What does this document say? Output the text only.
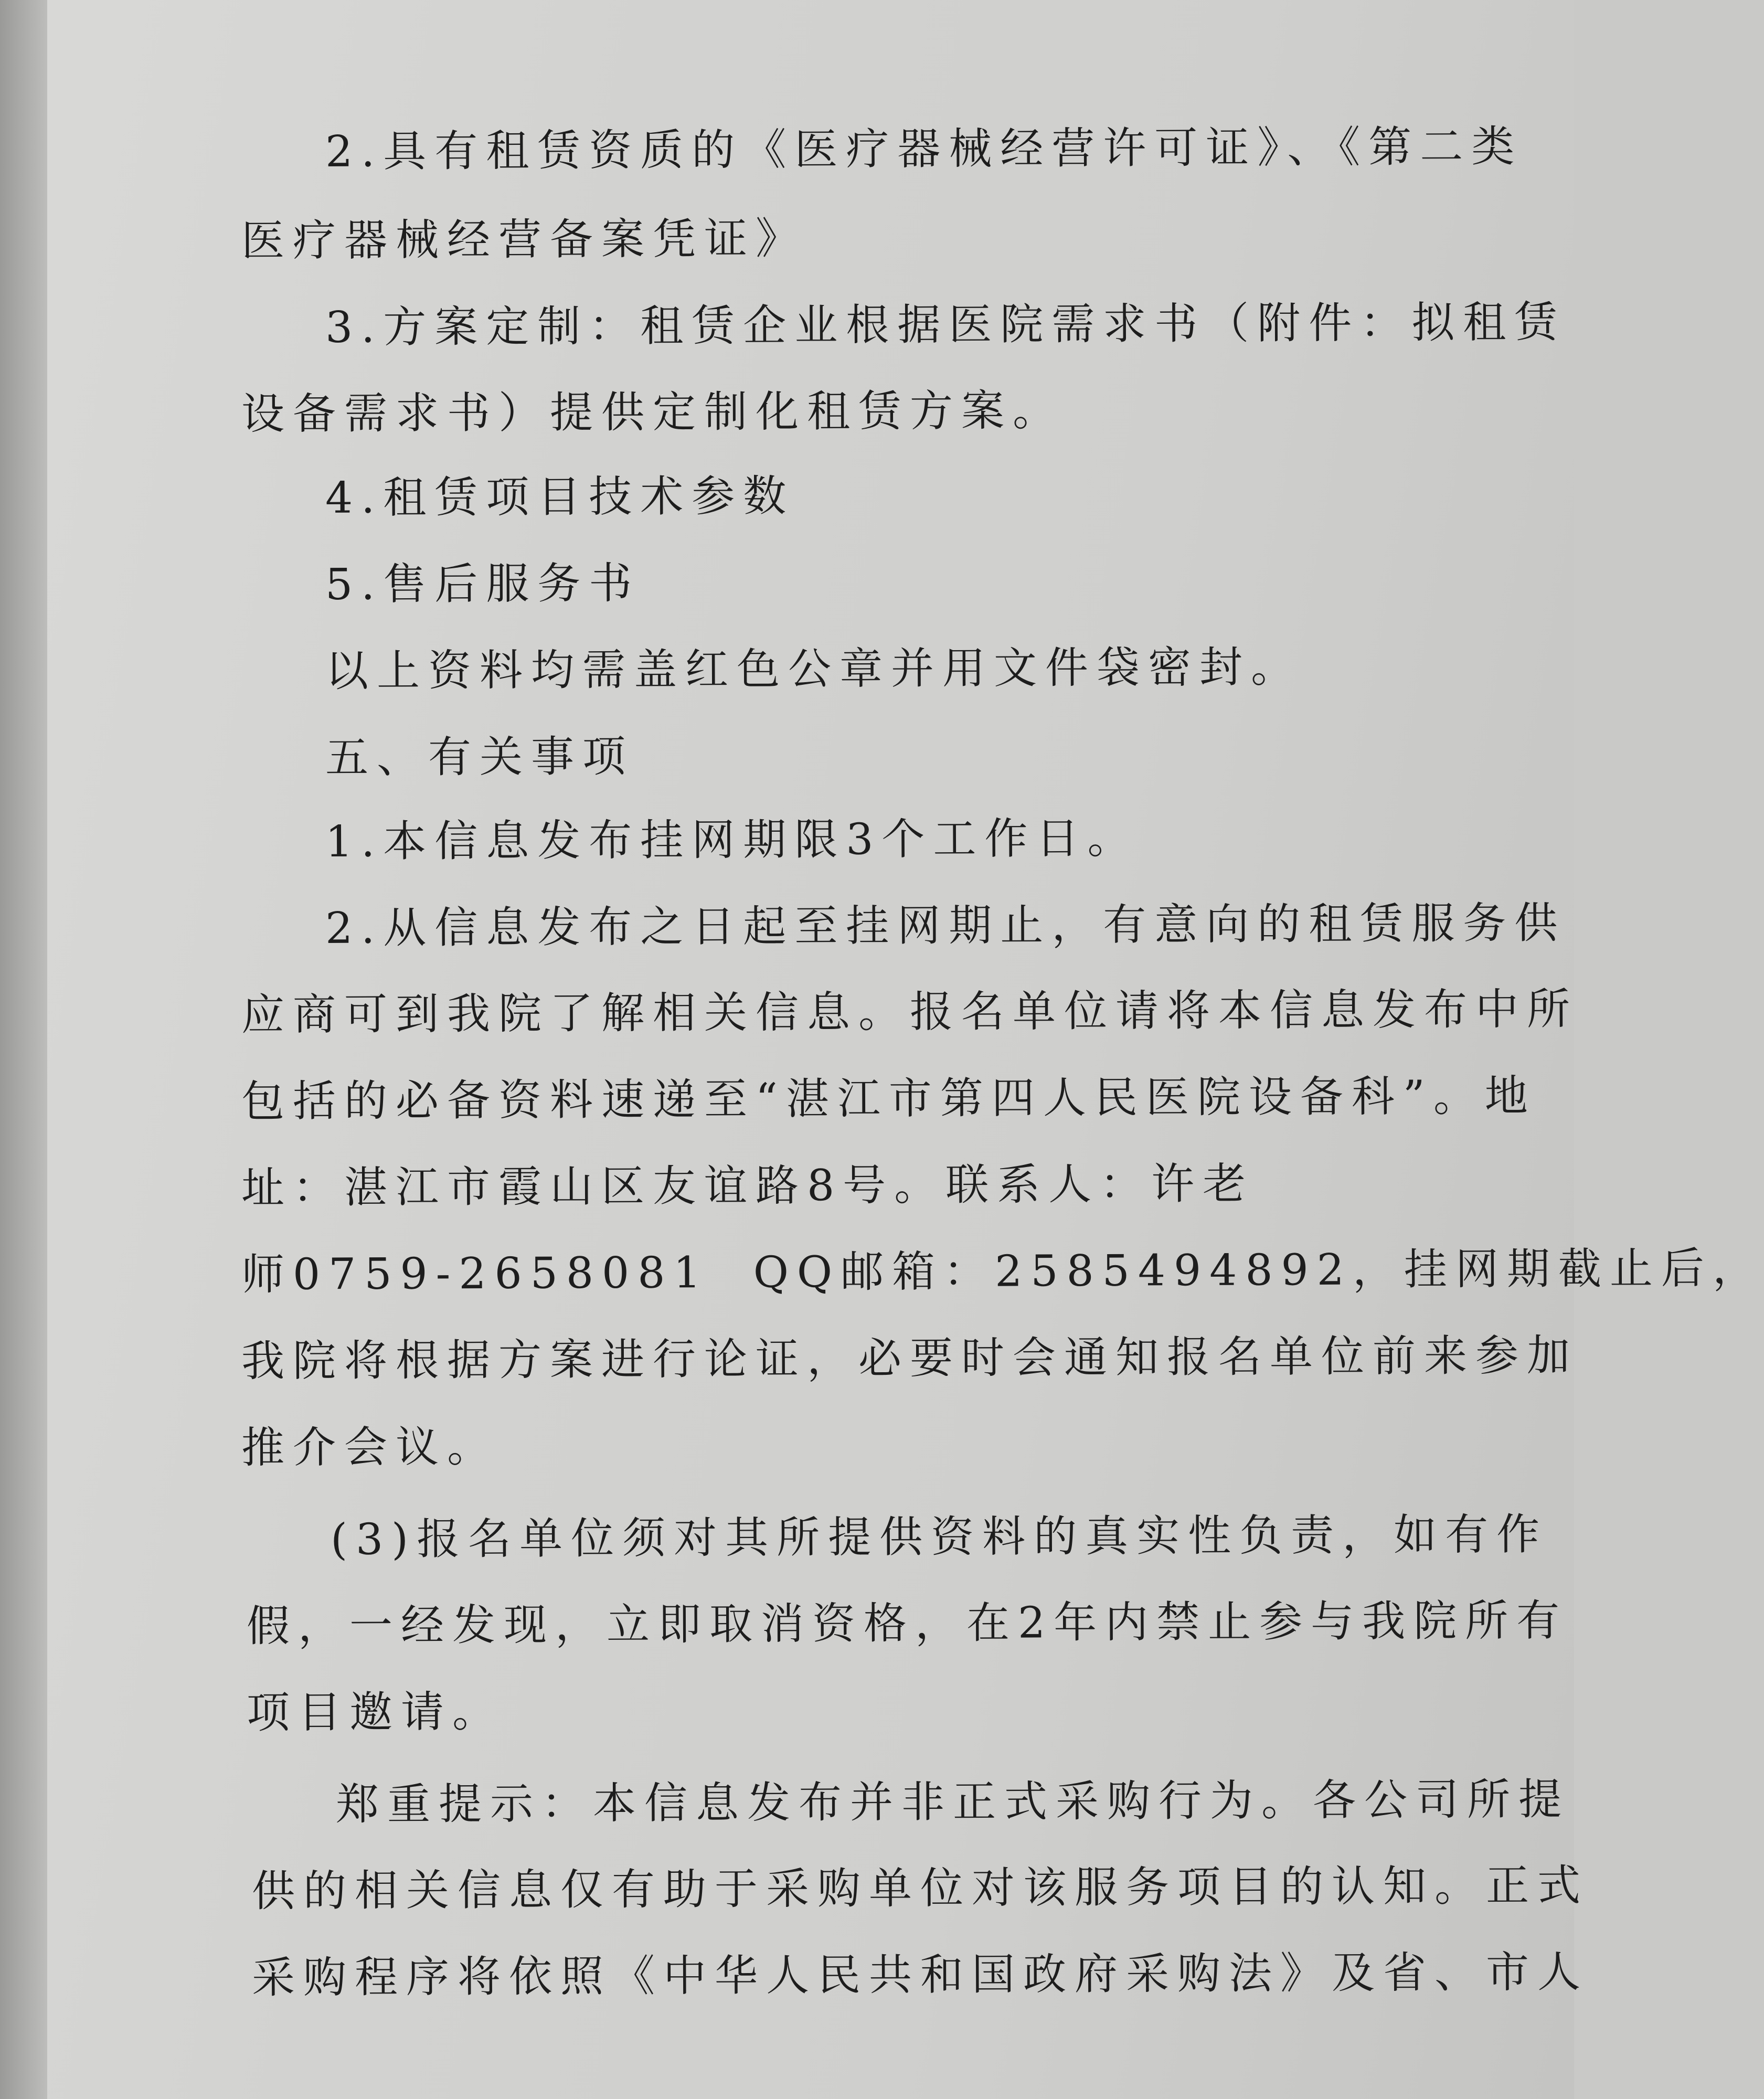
2.具有租赁资质的《医疗器械经营许可证》、《第二类

医疗器械经营备案凭证》

3.方案定制：租赁企业根据医院需求书（附件：拟租赁

设备需求书）提供定制化租赁方案。

4.租赁项目技术参数

5.售后服务书

以上资料均需盖红色公章并用文件袋密封。

五、有关事项

1.本信息发布挂网期限3个工作日。

2.从信息发布之日起至挂网期止，有意向的租赁服务供

应商可到我院了解相关信息。报名单位请将本信息发布中所

包括的必备资料速递至“湛江市第四人民医院设备科”。地

址：湛江市霞山区友谊路8号。联系人：许老

师0759-2658081  QQ邮箱：2585494892，挂网期截止后，

我院将根据方案进行论证，必要时会通知报名单位前来参加

推介会议。

(3)报名单位须对其所提供资料的真实性负责，如有作

假，一经发现，立即取消资格，在2年内禁止参与我院所有

项目邀请。

郑重提示：本信息发布并非正式采购行为。各公司所提

供的相关信息仅有助于采购单位对该服务项目的认知。正式

采购程序将依照《中华人民共和国政府采购法》及省、市人
